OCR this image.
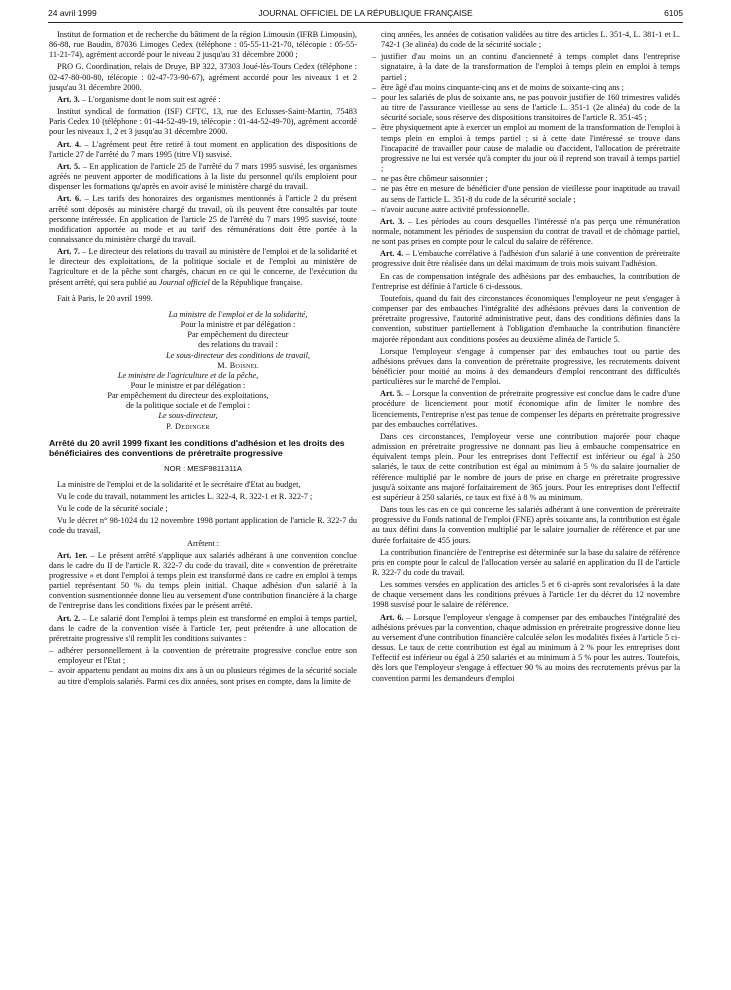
24 avril 1999	JOURNAL OFFICIEL DE LA RÉPUBLIQUE FRANÇAISE	6105

Institut de formation et de recherche du bâtiment de la région Limousin (IFRB Limousin), 86-88, rue Baudin, 87036 Limoges Cedex (téléphone : 05-55-11-21-70, télécopie : 05-55-11-21-74), agrément accordé pour le niveau 2 jusqu'au 31 décembre 2000 ;

PRO G. Coordination, relais de Druye, BP 322, 37303 Joué-lès-Tours Cedex (téléphone : 02-47-80-00-80, télécopie : 02-47-73-90-67), agrément accordé pour les niveaux 1 et 2 jusqu'au 31 décembre 2000.

Art. 3. – L'organisme dont le nom suit est agréé :

Institut syndical de formation (ISF) CFTC, 13, rue des Eclusses-Saint-Martin, 75483 Paris Cedex 10 (téléphone : 01-44-52-49-19, télécopie : 01-44-52-49-70), agrément accordé pour les niveaux 1, 2 et 3 jusqu'au 31 décembre 2000.

Art. 4. – L'agrément peut être retiré à tout moment en application des dispositions de l'article 27 de l'arrêté du 7 mars 1995 (titre VI) susvisé.

Art. 5. – En application de l'article 25 de l'arrêté du 7 mars 1995 susvisé, les organismes agréés ne peuvent apporter de modifications à la liste du personnel qu'ils emploient pour dispenser les formations qu'après en avoir avisé le ministère chargé du travail.

Art. 6. – Les tarifs des honoraires des organismes mentionnés à l'article 2 du présent arrêté sont déposés au ministère chargé du travail, où ils peuvent être consultés par toute personne intéressée. En application de l'article 25 de l'arrêté du 7 mars 1995 susvisé, toute modification apportée au mode et au tarif des rémunérations doit être portée à la connaissance du ministère chargé du travail.

Art. 7. – Le directeur des relations du travail au ministère de l'emploi et de la solidarité et le directeur des exploitations, de la politique sociale et de l'emploi au ministère de l'agriculture et de la pêche sont chargés, chacun en ce qui le concerne, de l'exécution du présent arrêté, qui sera publié au Journal officiel de la République française.

Fait à Paris, le 20 avril 1999.

La ministre de l'emploi et de la solidarité,

Pour la ministre et par délégation :

Par empêchement du directeur

des relations du travail :

Le sous-directeur des conditions de travail,

M. Boisnel

Le ministre de l'agriculture et de la pêche,

Pour le ministre et par délégation :

Par empêchement du directeur des exploitations,

de la politique sociale et de l'emploi :

Le sous-directeur,

P. Dedinger

Arrêté du 20 avril 1999 fixant les conditions d'adhésion et les droits des bénéficiaires des conventions de préretraite progressive

NOR : MESF9811311A

La ministre de l'emploi et de la solidarité et le secrétaire d'Etat au budget,

Vu le code du travail, notamment les articles L. 322-4, R. 322-1 et R. 322-7 ;

Vu le code de la sécurité sociale ;

Vu le décret n° 98-1024 du 12 novembre 1998 portant application de l'article R. 322-7 du code du travail,

Arrêtent :

Art. 1er. – Le présent arrêté s'applique aux salariés adhérant à une convention conclue dans le cadre du II de l'article R. 322-7 du code du travail, dite « convention de préretraite progressive » et dont l'emploi à temps plein est transformé dans ce cadre en emploi à temps partiel représentant 50 % du temps plein initial. Chaque adhésion d'un salarié à la convention susmentionnée donne lieu au versement d'une contribution financière à la charge de l'entreprise dans les conditions fixées par le présent arrêté.

Art. 2. – Le salarié dont l'emploi à temps plein est transformé en emploi à temps partiel, dans le cadre de la convention visée à l'article 1er, peut prétendre à une allocation de préretraite progressive s'il remplit les conditions suivantes :

– adhérer personnellement à la convention de préretraite progressive conclue entre son employeur et l'Etat ;
– avoir appartenu pendant au moins dix ans à un ou plusieurs régimes de la sécurité sociale au titre d'emplois salariés. Parmi ces dix années, sont prises en compte, dans la limite de

cinq années, les années de cotisation validées au titre des articles L. 351-4, L. 381-1 et L. 742-1 (3e alinéa) du code de la sécurité sociale ;

– justifier d'au moins un an continu d'ancienneté à temps complet dans l'entreprise signataire, à la date de la transformation de l'emploi à temps plein en emploi à temps partiel ;
– être âgé d'au moins cinquante-cinq ans et de moins de soixante-cinq ans ;
– pour les salariés de plus de soixante ans, ne pas pouvoir justifier de 160 trimestres validés au titre de l'assurance vieillesse au sens de l'article L. 351-1 (2e alinéa) du code de la sécurité sociale, sous réserve des dispositions transitoires de l'article R. 351-45 ;
– être physiquement apte à exercer un emploi au moment de la transformation de l'emploi à temps plein en emploi à temps partiel ; si à cette date l'intéressé se trouve dans l'incapacité de travailler pour cause de maladie ou d'accident, l'allocation de préretraite progressive ne lui est versée qu'à compter du jour où il reprend son travail à temps partiel ;
– ne pas être chômeur saisonnier ;
– ne pas être en mesure de bénéficier d'une pension de vieillesse pour inaptitude au travail au sens de l'article L. 351-8 du code de la sécurité sociale ;
– n'avoir aucune autre activité professionnelle.

Art. 3. – Les périodes au cours desquelles l'intéressé n'a pas perçu une rémunération normale, notamment les périodes de suspension du contrat de travail et de chômage partiel, ne sont pas prises en compte pour le calcul du salaire de référence.

Art. 4. – L'embauche corrélative à l'adhésion d'un salarié à une convention de préretraite progressive doit être réalisée dans un délai maximum de trois mois suivant l'adhésion.

En cas de compensation intégrale des adhésions par des embauches, la contribution de l'entreprise est définie à l'article 6 ci-dessous.

Toutefois, quand du fait des circonstances économiques l'employeur ne peut s'engager à compenser par des embauches l'intégralité des adhésions prévues dans la convention de préretraite progressive, l'autorité administrative peut, dans des conditions définies dans la convention, substituer partiellement à l'obligation d'embauche la contribution financière majorée répondant aux conditions posées au deuxième alinéa de l'article 5.

Lorsque l'employeur s'engage à compenser par des embauches tout ou partie des adhésions prévues dans la convention de préretraite progressive, les recrutements doivent bénéficier pour moitié au moins à des demandeurs d'emploi rencontrant des difficultés particulières sur le marché de l'emploi.

Art. 5. – Lorsque la convention de préretraite progressive est conclue dans le cadre d'une procédure de licenciement pour motif économique afin de limiter le nombre des licenciements, l'entreprise n'est pas tenue de compenser les départs en préretraite progressive par des embauches corrélatives.

Dans ces circonstances, l'employeur verse une contribution majorée pour chaque admission en préretraite progressive ne donnant pas lieu à embauche compensatrice en équivalent temps plein. Pour les entreprises dont l'effectif est inférieur ou égal à 250 salariés, le taux de cette contribution est égal au minimum à 5 % du salaire journalier de référence multiplié par le nombre de jours de prise en charge en préretraite progressive jusqu'à soixante ans majoré forfaitairement de 365 jours. Pour les entreprises dont l'effectif est supérieur à 250 salariés, ce taux est fixé à 8 % au minimum.

Dans tous les cas en ce qui concerne les salariés adhérant à une convention de préretraite progressive du Fonds national de l'emploi (FNE) après soixante ans, la contribution est égale au taux défini dans la convention multiplié par le salaire journalier de référence et par une durée forfaitaire de 455 jours.

La contribution financière de l'entreprise est déterminée sur la base du salaire de référence pris en compte pour le calcul de l'allocation versée au salarié en application du II de l'article R. 322-7 du code du travail.

Les sommes versées en application des articles 5 et 6 ci-après sont revalorisées à la date de chaque versement dans les conditions prévues à l'article 1er du décret du 12 novembre 1998 susvisé pour le salaire de référence.

Art. 6. – Lorsque l'employeur s'engage à compenser par des embauches l'intégralité des adhésions prévues par la convention, chaque admission en préretraite progressive donne lieu au versement d'une contribution financière calculée selon les modalités fixées à l'article 5 ci-dessus. Le taux de cette contribution est égal au minimum à 2 % pour les entreprises dont l'effectif est inférieur ou égal à 250 salariés et au minimum à 5 % pour les autres. Toutefois, dès lors que l'employeur s'engage à effectuer 90 % au moins des recrutements prévus par la convention parmi les demandeurs d'emploi
